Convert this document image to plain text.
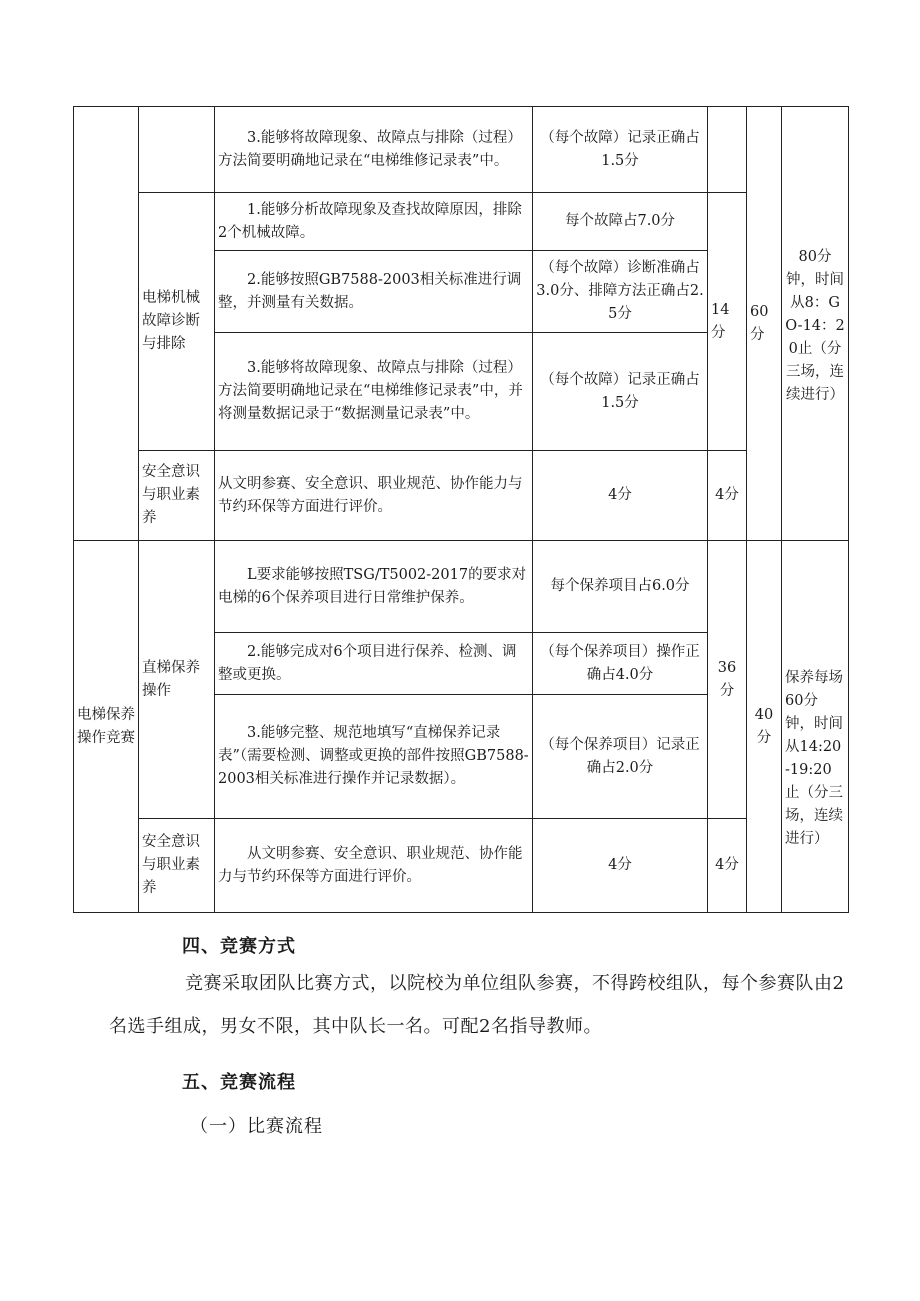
		3.能够将故障现象、故障点与排除（过程）方法简要明确地记录在“电梯维修记录表”中。	（每个故障）记录正确占1.5分		60分	80分钟，时间从8：GO-14：20止（分三场，连续进行）
	电梯机械故障诊断与排除	1.能够分析故障现象及查找故障原因，排除2个机械故障。	每个故障占7.0分	14分		
		2.能够按照GB7588-2003相关标准进行调整，并测量有关数据。	（每个故障）诊断准确占3.0分、排障方法正确占2.5分			
		3.能够将故障现象、故障点与排除（过程）方法简要明确地记录在“电梯维修记录表”中，并将测量数据记录于“数据测量记录表”中。	（每个故障）记录正确占1.5分			
	安全意识与职业素养	从文明参赛、安全意识、职业规范、协作能力与节约环保等方面进行评价。	4分	4分		
电梯保养操作竞赛	直梯保养操作	L要求能够按照TSG/T5002-2017的要求对电梯的6个保养项目进行日常维护保养。	每个保养项目占6.0分	36分	40分	保养每场60分钟，时间从14:20-19:20止（分三场，连续进行）
		2.能够完成对6个项目进行保养、检测、调整或更换。	（每个保养项目）操作正确占4.0分			
		3.能够完整、规范地填写“直梯保养记录表”（需要检测、调整或更换的部件按照GB7588-2003相关标准进行操作并记录数据）。	（每个保养项目）记录正确占2.0分			
	安全意识与职业素养	从文明参赛、安全意识、职业规范、协作能力与节约环保等方面进行评价。	4分	4分		
四、竞赛方式
竞赛采取团队比赛方式，以院校为单位组队参赛，不得跨校组队，每个参赛队由2名选手组成，男女不限，其中队长一名。可配2名指导教师。
五、竞赛流程
（一）比赛流程
